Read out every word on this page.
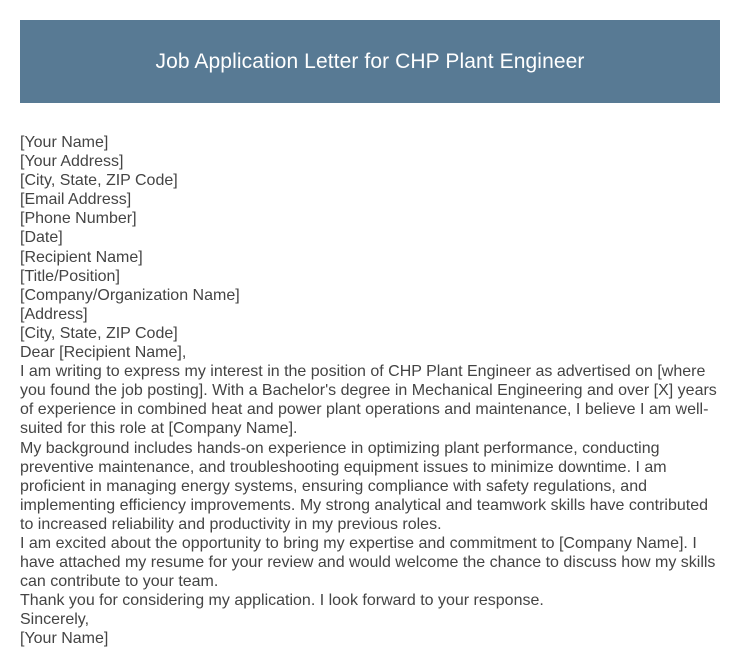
Job Application Letter for CHP Plant Engineer

[Your Name]

[Your Address]

[City, State, ZIP Code]

[Email Address]

[Phone Number]

[Date]

[Recipient Name]

[Title/Position]

[Company/Organization Name]

[Address]

[City, State, ZIP Code]

Dear [Recipient Name],

I am writing to express my interest in the position of CHP Plant Engineer as advertised on [where you found the job posting]. With a Bachelor's degree in Mechanical Engineering and over [X] years of experience in combined heat and power plant operations and maintenance, I believe I am well-suited for this role at [Company Name].

My background includes hands-on experience in optimizing plant performance, conducting preventive maintenance, and troubleshooting equipment issues to minimize downtime. I am proficient in managing energy systems, ensuring compliance with safety regulations, and implementing efficiency improvements. My strong analytical and teamwork skills have contributed to increased reliability and productivity in my previous roles.

I am excited about the opportunity to bring my expertise and commitment to [Company Name]. I have attached my resume for your review and would welcome the chance to discuss how my skills can contribute to your team.

Thank you for considering my application. I look forward to your response.

Sincerely,

[Your Name]
